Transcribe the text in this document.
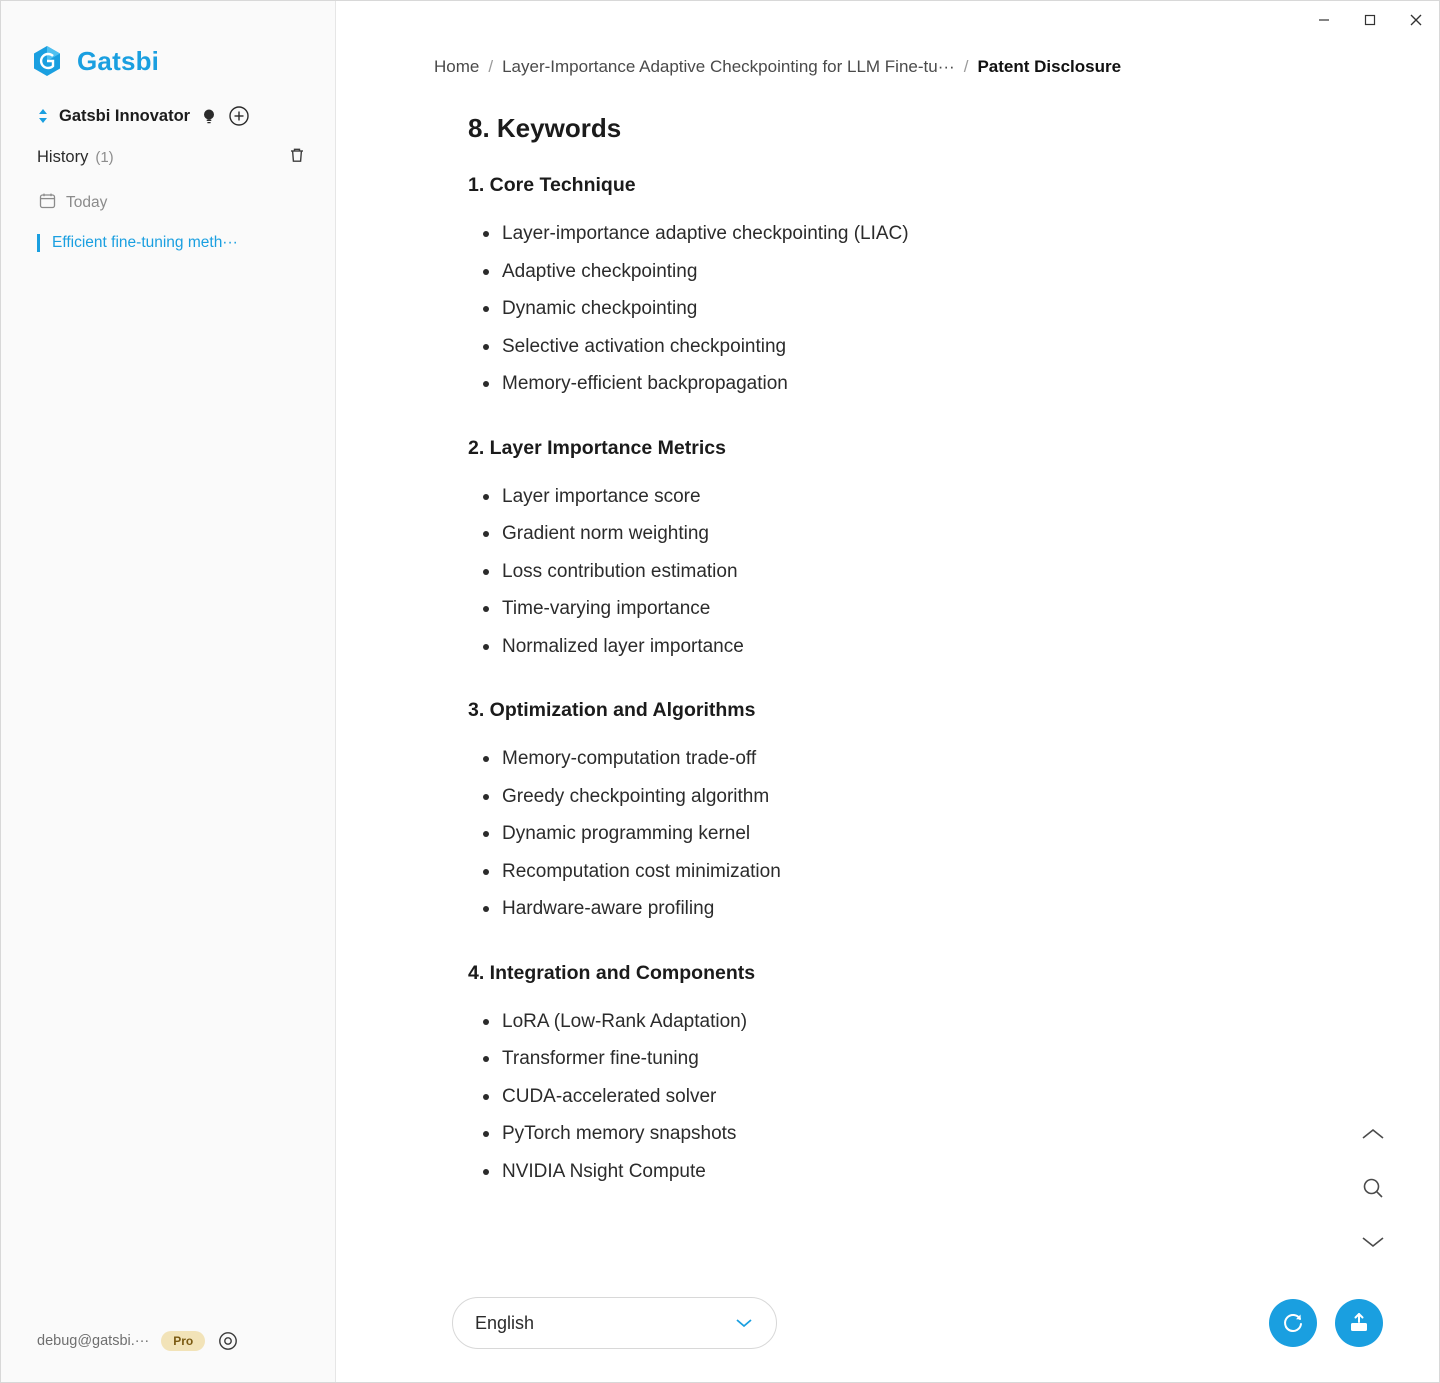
Gatsbi
Gatsbi Innovator
History (1)
Today
Efficient fine-tuning meth···
debug@gatsbi.···	Pro
Home / Layer-Importance Adaptive Checkpointing for LLM Fine-tu··· / Patent Disclosure
8. Keywords
1. Core Technique
Layer-importance adaptive checkpointing (LIAC)
Adaptive checkpointing
Dynamic checkpointing
Selective activation checkpointing
Memory-efficient backpropagation
2. Layer Importance Metrics
Layer importance score
Gradient norm weighting
Loss contribution estimation
Time-varying importance
Normalized layer importance
3. Optimization and Algorithms
Memory-computation trade-off
Greedy checkpointing algorithm
Dynamic programming kernel
Recomputation cost minimization
Hardware-aware profiling
4. Integration and Components
LoRA (Low-Rank Adaptation)
Transformer fine-tuning
CUDA-accelerated solver
PyTorch memory snapshots
NVIDIA Nsight Compute
English
